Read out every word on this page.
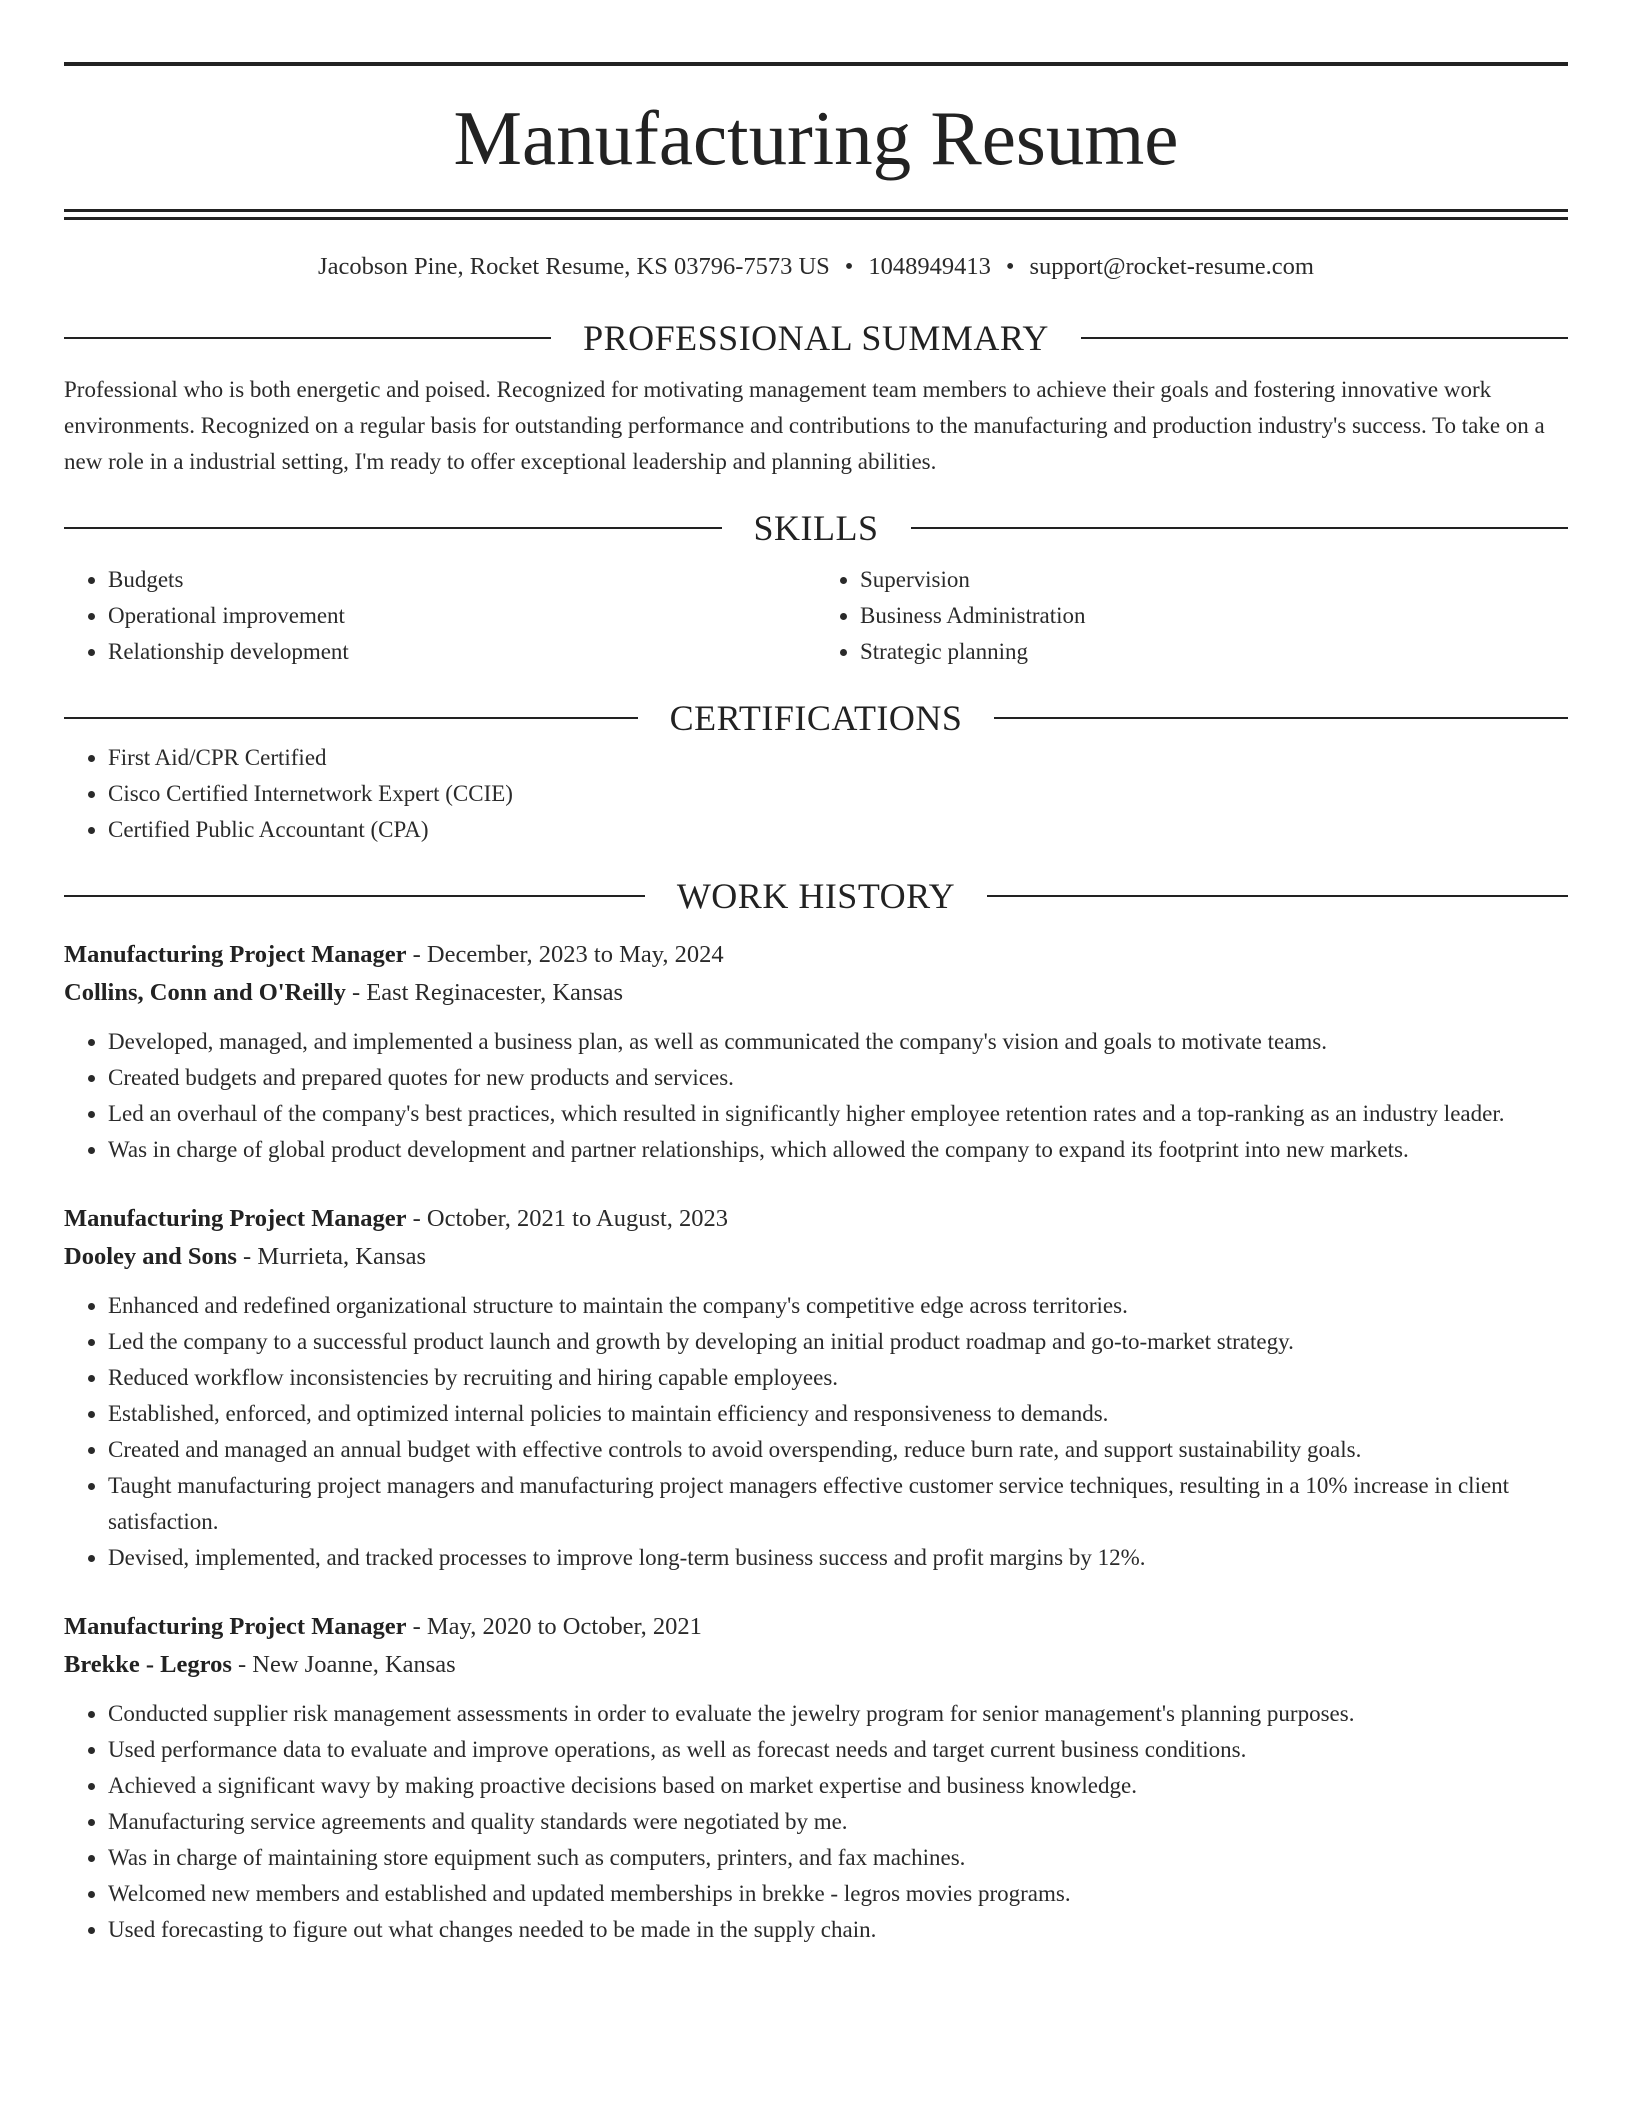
Manufacturing Resume
Jacobson Pine, Rocket Resume, KS 03796-7573 US • 1048949413 • support@rocket-resume.com
PROFESSIONAL SUMMARY

Professional who is both energetic and poised. Recognized for motivating management team members to achieve their goals and fostering innovative work environments. Recognized on a regular basis for outstanding performance and contributions to the manufacturing and production industry's success. To take on a new role in a industrial setting, I'm ready to offer exceptional leadership and planning abilities.

SKILLS
• Budgets
• Operational improvement
• Relationship development
• Supervision
• Business Administration
• Strategic planning
CERTIFICATIONS
• First Aid/CPR Certified
• Cisco Certified Internetwork Expert (CCIE)
• Certified Public Accountant (CPA)
WORK HISTORY
Manufacturing Project Manager - December, 2023 to May, 2024
Collins, Conn and O'Reilly - East Reginacester, Kansas
• Developed, managed, and implemented a business plan, as well as communicated the company's vision and goals to motivate teams.
• Created budgets and prepared quotes for new products and services.
• Led an overhaul of the company's best practices, which resulted in significantly higher employee retention rates and a top-ranking as an industry leader.
• Was in charge of global product development and partner relationships, which allowed the company to expand its footprint into new markets.
Manufacturing Project Manager - October, 2021 to August, 2023
Dooley and Sons - Murrieta, Kansas
• Enhanced and redefined organizational structure to maintain the company's competitive edge across territories.
• Led the company to a successful product launch and growth by developing an initial product roadmap and go-to-market strategy.
• Reduced workflow inconsistencies by recruiting and hiring capable employees.
• Established, enforced, and optimized internal policies to maintain efficiency and responsiveness to demands.
• Created and managed an annual budget with effective controls to avoid overspending, reduce burn rate, and support sustainability goals.
• Taught manufacturing project managers and manufacturing project managers effective customer service techniques, resulting in a 10% increase in client satisfaction.
• Devised, implemented, and tracked processes to improve long-term business success and profit margins by 12%.
Manufacturing Project Manager - May, 2020 to October, 2021
Brekke - Legros - New Joanne, Kansas
• Conducted supplier risk management assessments in order to evaluate the jewelry program for senior management's planning purposes.
• Used performance data to evaluate and improve operations, as well as forecast needs and target current business conditions.
• Achieved a significant wavy by making proactive decisions based on market expertise and business knowledge.
• Manufacturing service agreements and quality standards were negotiated by me.
• Was in charge of maintaining store equipment such as computers, printers, and fax machines.
• Welcomed new members and established and updated memberships in brekke - legros movies programs.
• Used forecasting to figure out what changes needed to be made in the supply chain.
